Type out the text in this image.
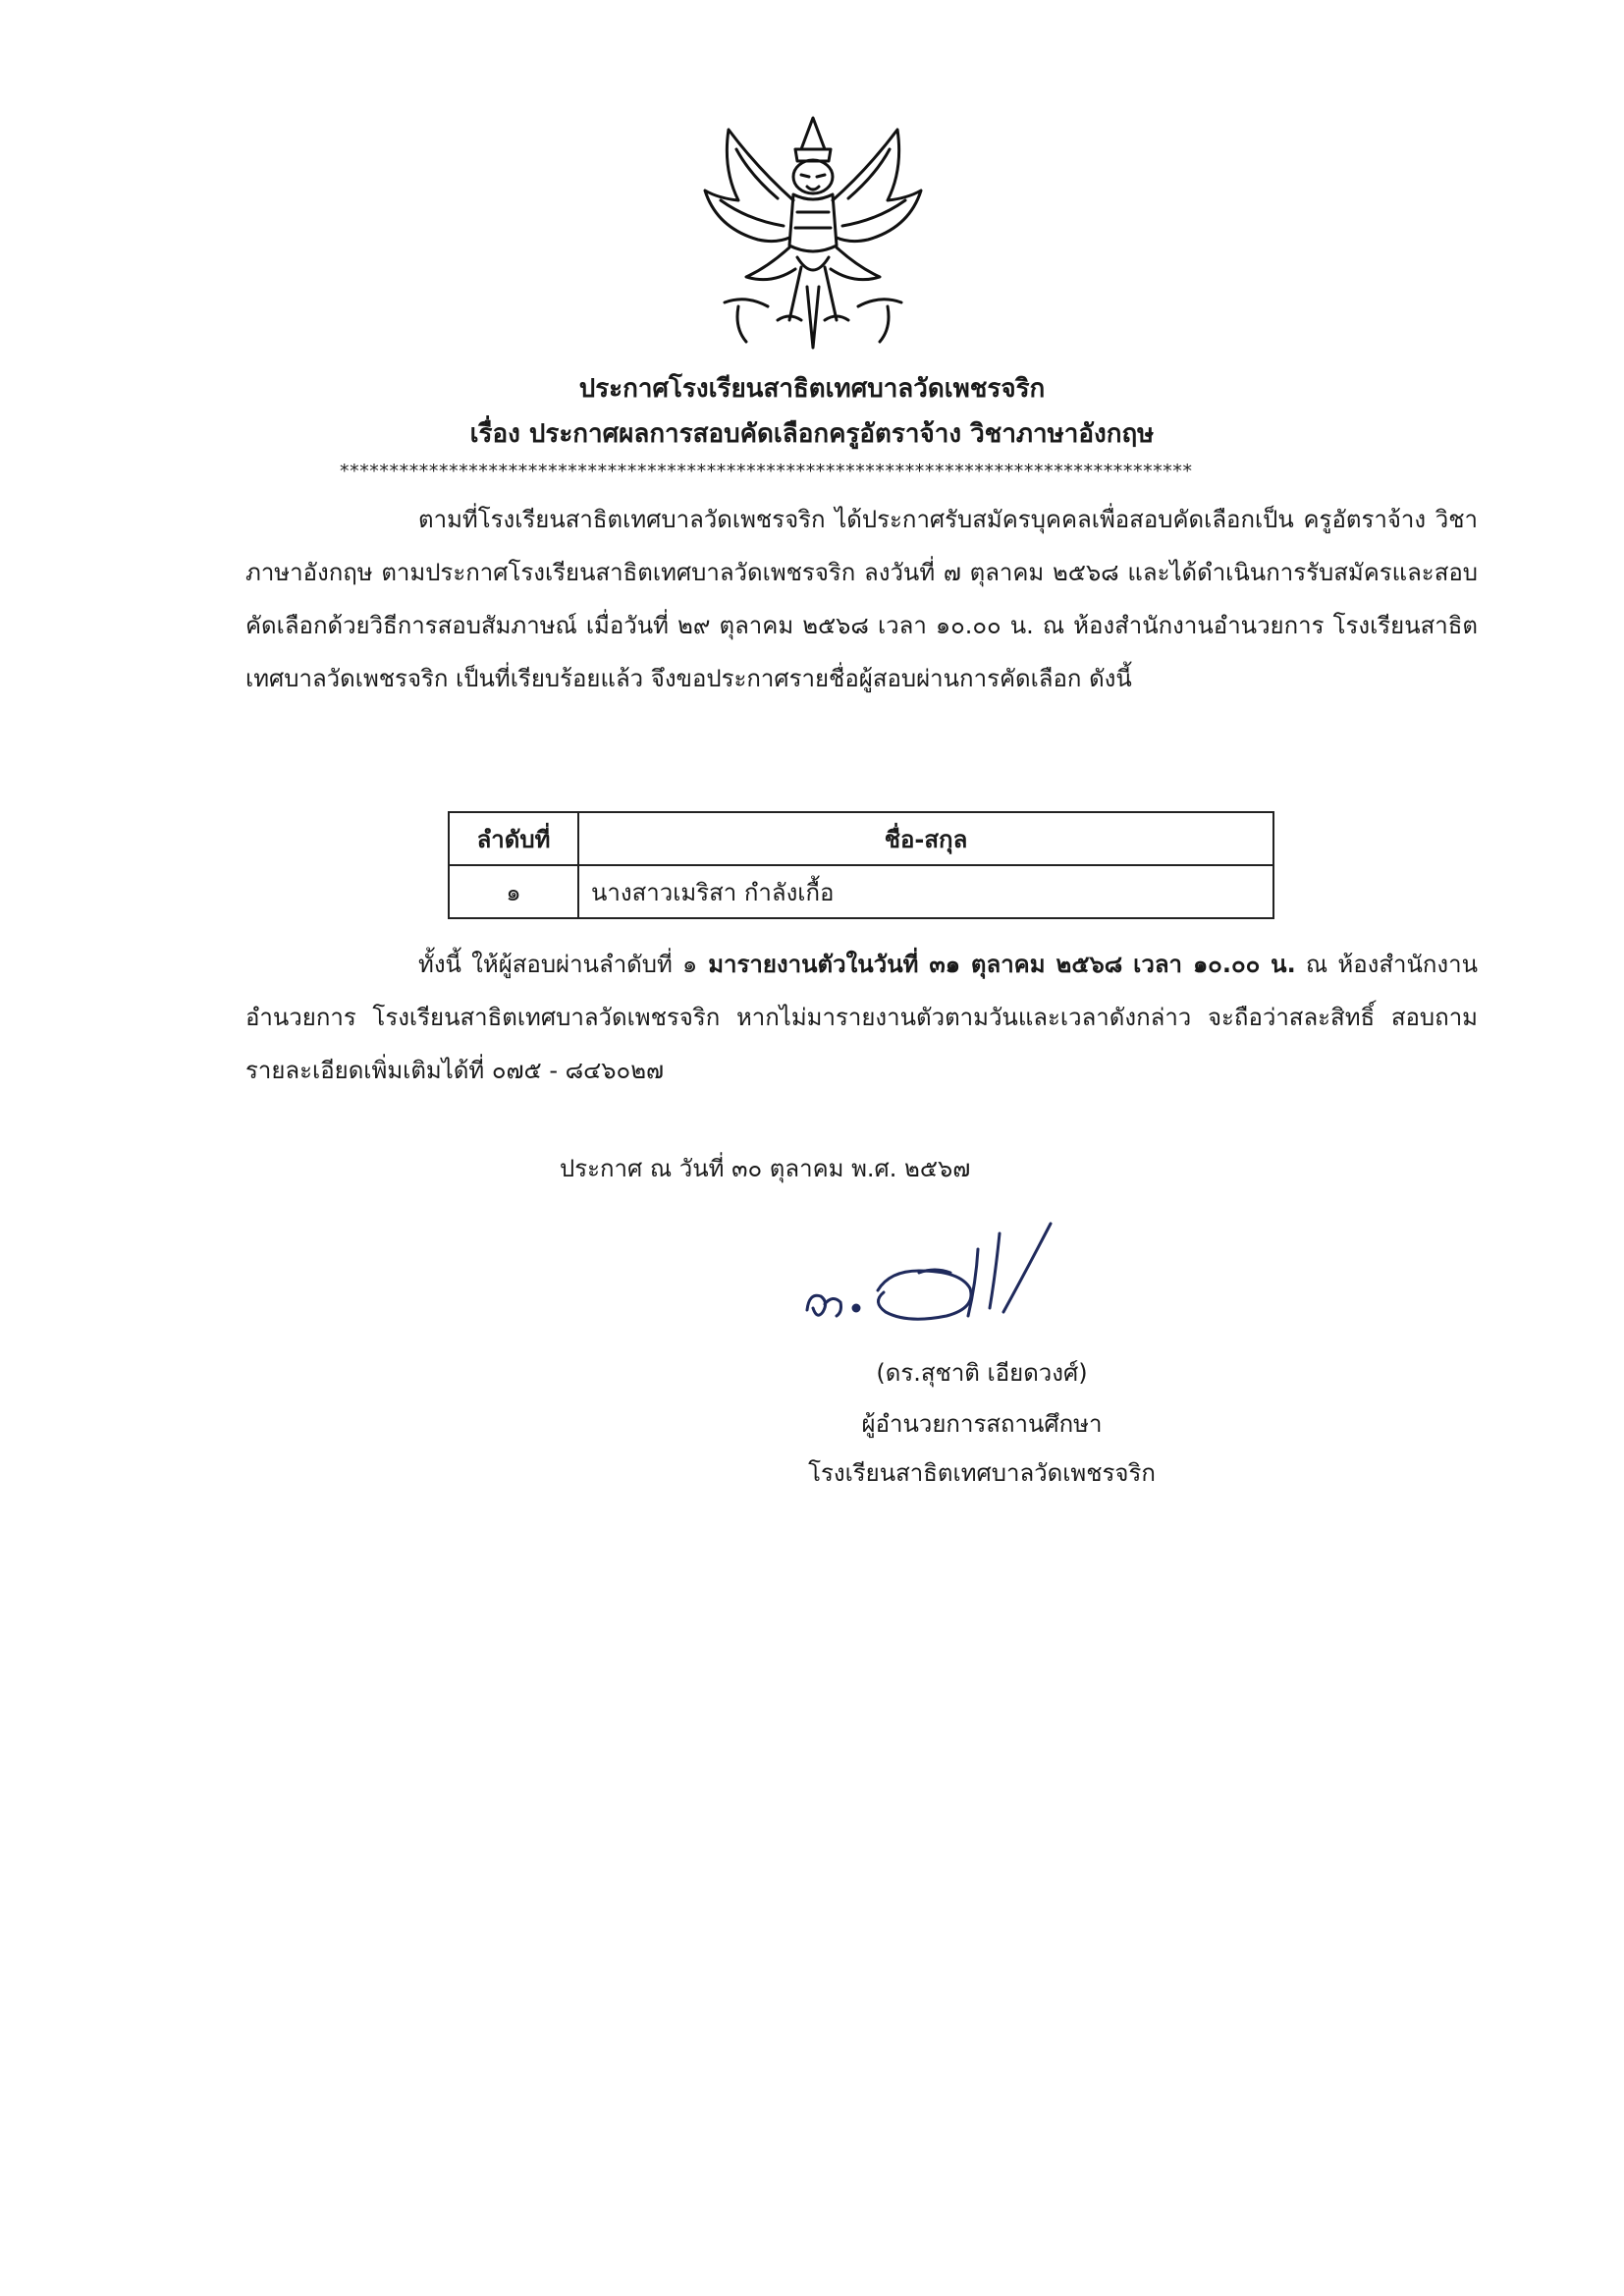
ประกาศโรงเรียนสาธิตเทศบาลวัดเพชรจริก
เรื่อง ประกาศผลการสอบคัดเลือกครูอัตราจ้าง วิชาภาษาอังกฤษ
**************************************************************************************
ตามที่โรงเรียนสาธิตเทศบาลวัดเพชรจริก ได้ประกาศรับสมัครบุคคลเพื่อสอบคัดเลือกเป็น ครูอัตราจ้าง วิชาภาษาอังกฤษ ตามประกาศโรงเรียนสาธิตเทศบาลวัดเพชรจริก ลงวันที่ ๗ ตุลาคม ๒๕๖๘ และได้ดำเนินการรับสมัครและสอบคัดเลือกด้วยวิธีการสอบสัมภาษณ์ เมื่อวันที่ ๒๙ ตุลาคม ๒๕๖๘ เวลา ๑๐.๐๐ น. ณ ห้องสำนักงานอำนวยการ โรงเรียนสาธิตเทศบาลวัดเพชรจริก เป็นที่เรียบร้อยแล้ว จึงขอประกาศรายชื่อผู้สอบผ่านการคัดเลือก ดังนี้
ลำดับที่	ชื่อ-สกุล
๑	นางสาวเมริสา กำลังเกื้อ
ทั้งนี้ ให้ผู้สอบผ่านลำดับที่ ๑ มารายงานตัวในวันที่ ๓๑ ตุลาคม ๒๕๖๘ เวลา ๑๐.๐๐ น. ณ ห้องสำนักงานอำนวยการ โรงเรียนสาธิตเทศบาลวัดเพชรจริก หากไม่มารายงานตัวตามวันและเวลาดังกล่าว จะถือว่าสละสิทธิ์ สอบถามรายละเอียดเพิ่มเติมได้ที่ ๐๗๕ - ๘๔๖๐๒๗
ประกาศ ณ วันที่ ๓๐ ตุลาคม พ.ศ. ๒๕๖๗
(ดร.สุชาติ เอียดวงศ์)
ผู้อำนวยการสถานศึกษา
โรงเรียนสาธิตเทศบาลวัดเพชรจริก
